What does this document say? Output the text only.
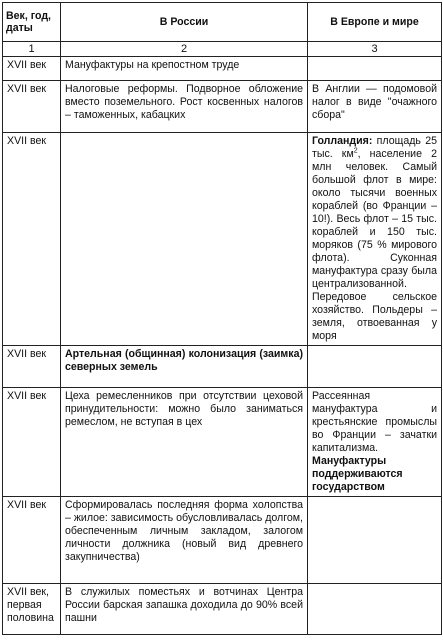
Век, год, даты	В России	В Европе и мире
1	2	3
XVII век	Мануфактуры на крепостном труде	
XVII век	Налоговые реформы. Подворное обложение вместо поземельного. Рост косвенных налогов – таможенных, кабацких	В Англии — подомовой налог в виде "очажного сбора"
XVII век		Голландия: площадь 25 тыс. $км^2$, население 2 млн человек. Самый большой флот в мире: около тысячи военных кораблей (во Франции – 10!). Весь флот – 15 тыс. кораблей и 150 тыс. моряков (75 % мирового флота). Суконная мануфактура сразу была централизованной. Передовое сельское хозяйство. Польдеры – земля, отвоеванная у моря
XVII век	Артельная (общинная) колонизация (заимка) северных земель	
XVII век	Цеха ремесленников при отсутствии цеховой принудительности: можно было заниматься ремеслом, не вступая в цех	Рассеянная мануфактура и крестьянские промыслы во Франции – зачатки капитализма. Мануфактуры поддерживаются государством
XVII век	Сформировалась последняя форма холопства – жилое: зависимость обусловливалась долгом, обеспеченным личным закладом, залогом личности должника (новый вид древнего закупничества)	
XVII век, первая половина	В служилых поместьях и вотчинах Центра России барская запашка доходила до 90% всей пашни	
